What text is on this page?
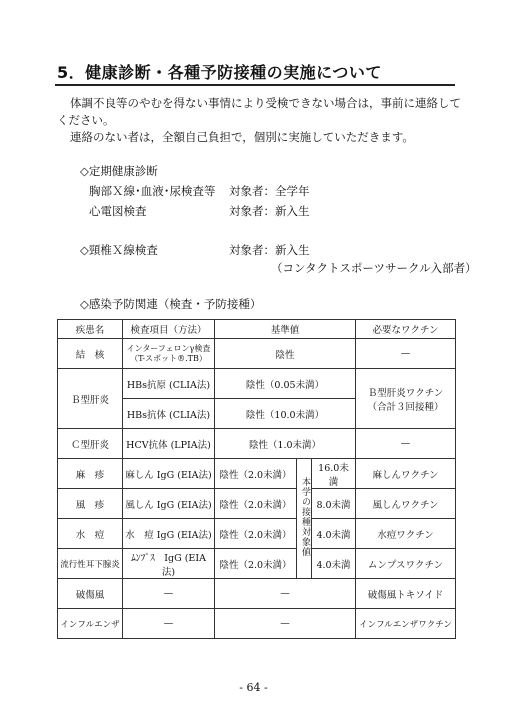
5．健康診断・各種予防接種の実施について
体調不良等のやむを得ない事情により受検できない場合は，事前に連絡して
ください。
連絡のない者は，全額自己負担で，個別に実施していただきます。
◇定期健康診断
胸部Ｘ線･血液･尿検査等 対象者：全学年
心電図検査	対象者：新入生
◇頸椎Ｘ線検査	対象者：新入生
（コンタクトスポーツサークル入部者）
◇感染予防関連（検査・予防接種）
疾患名	検査項目（方法）	基準値			必要なワクチン
結　核	インターフェロンγ検査
（T-スポット®.TB）	陰性			—
Ｂ型肝炎	HBs抗原 (CLIA法)	陰性（0.05未満）			Ｂ型肝炎ワクチン
（合計３回接種）

	HBs抗体 (CLIA法)	陰性（10.0未満）			
Ｃ型肝炎	HCV抗体 (LPIA法)	陰性（1.0未満）			—
麻　疹	麻しん IgG (EIA法)	陰性（2.0未満）	本学の接種対象値	16.0未満	麻しんワクチン
風　疹	風しん IgG (EIA法)	陰性（2.0未満）		8.0未満	風しんワクチン
水　痘	水　痘 IgG (EIA法)	陰性（2.0未満）		4.0未満	水痘ワクチン
流行性耳下腺炎	ﾑﾝﾌﾟｽ　IgG (EIA法)	陰性（2.0未満）		4.0未満	ムンプスワクチン
破傷風	—	—			破傷風トキソイド
インフルエンザ	—	—			インフルエンザワクチン
- 64 -
